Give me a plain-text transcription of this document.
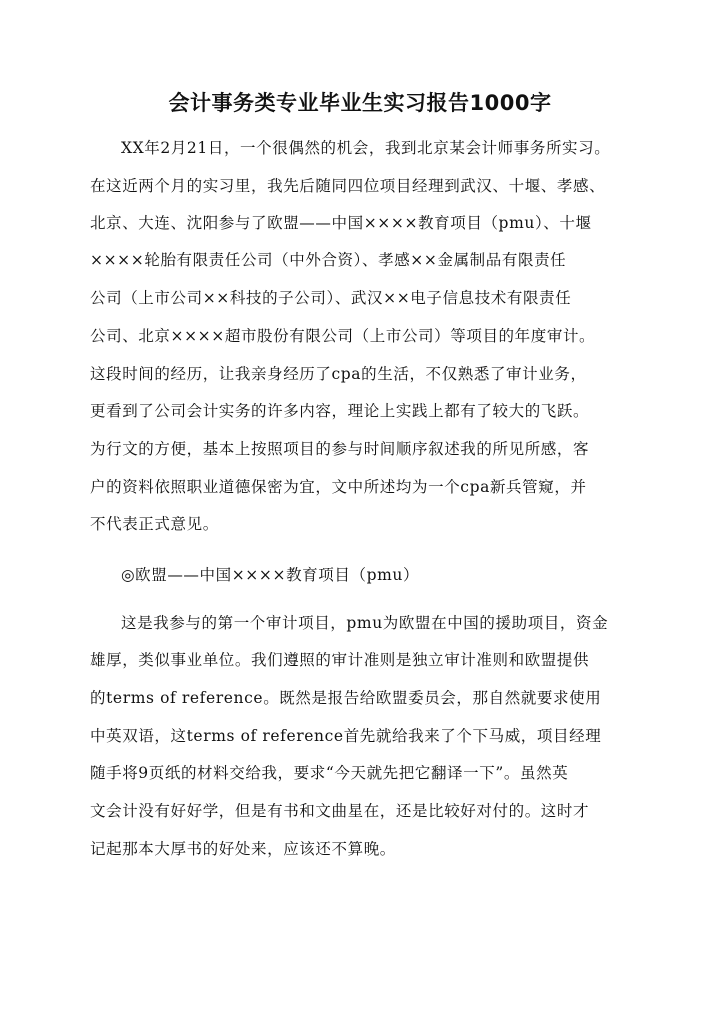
会计事务类专业毕业生实习报告1000字
XX年2月21日，一个很偶然的机会，我到北京某会计师事务所实习。
在这近两个月的实习里，我先后随同四位项目经理到武汉、十堰、孝感、
北京、大连、沈阳参与了欧盟——中国××××教育项目（pmu）、十堰
××××轮胎有限责任公司（中外合资）、孝感××金属制品有限责任
公司（上市公司××科技的子公司）、武汉××电子信息技术有限责任
公司、北京××××超市股份有限公司（上市公司）等项目的年度审计。
这段时间的经历，让我亲身经历了cpa的生活，不仅熟悉了审计业务，
更看到了公司会计实务的许多内容，理论上实践上都有了较大的飞跃。
为行文的方便，基本上按照项目的参与时间顺序叙述我的所见所感，客
户的资料依照职业道德保密为宜，文中所述均为一个cpa新兵管窥，并
不代表正式意见。
◎欧盟——中国××××教育项目（pmu）
这是我参与的第一个审计项目，pmu为欧盟在中国的援助项目，资金
雄厚，类似事业单位。我们遵照的审计准则是独立审计准则和欧盟提供
的terms of reference。既然是报告给欧盟委员会，那自然就要求使用
中英双语，这terms of reference首先就给我来了个下马威，项目经理
随手将9页纸的材料交给我，要求“今天就先把它翻译一下”。虽然英
文会计没有好好学，但是有书和文曲星在，还是比较好对付的。这时才
记起那本大厚书的好处来，应该还不算晚。
